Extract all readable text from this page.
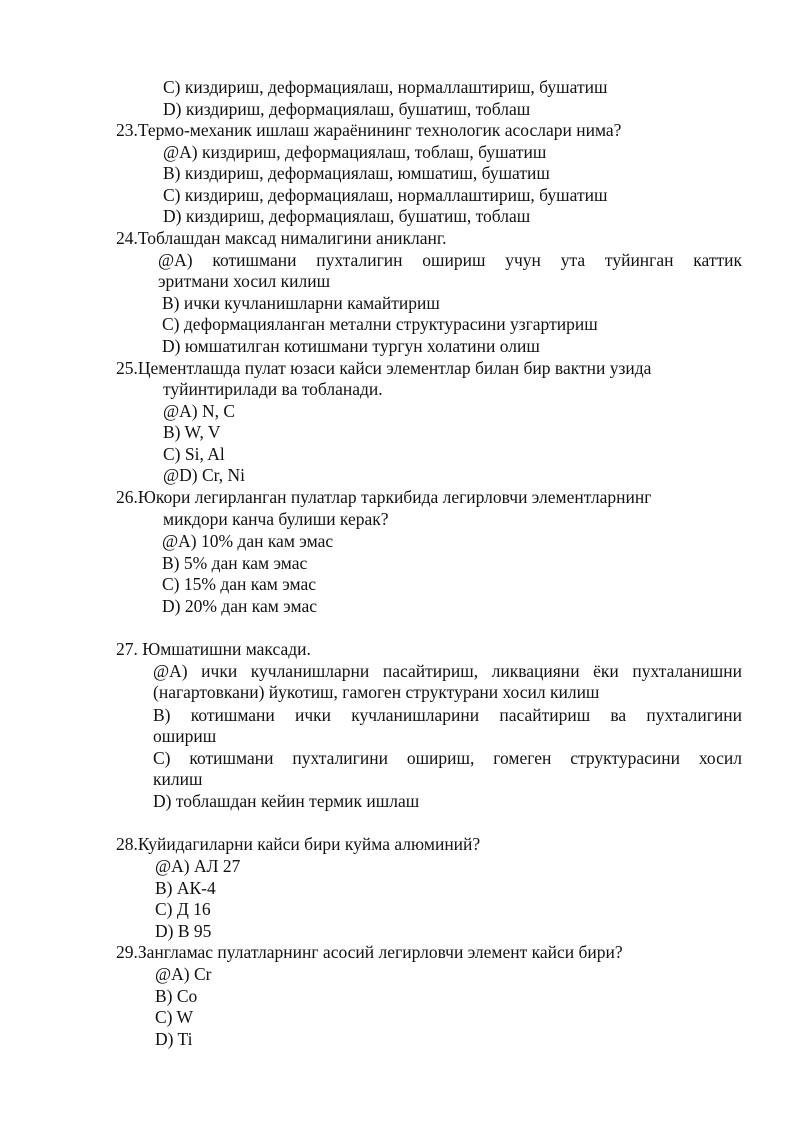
C) киздириш, деформациялаш, нормаллаштириш, бушатиш
D) киздириш, деформациялаш, бушатиш, тоблаш
23.Термо-механик ишлаш жараёнининг технологик асослари нима?
@A) киздириш, деформациялаш, тоблаш, бушатиш
B) киздириш, деформациялаш, юмшатиш, бушатиш
C) киздириш, деформациялаш, нормаллаштириш, бушатиш
D) киздириш, деформациялаш, бушатиш, тоблаш
24.Тоблашдан максад нималигини аникланг.
@A) котишмани пухталигин ошириш учун ута туйинган каттик
эритмани хосил килиш
B) ички кучланишларни камайтириш
C) деформацияланган метални структурасини узгартириш
D) юмшатилган котишмани тургун холатини олиш
25.Цементлашда пулат юзаси кайси элементлар билан бир вактни узида
туйинтирилади ва тобланади.
@A) N, C
B) W, V
C) Si, Al
@D) Cr, Ni
26.Юкори легирланган пулатлар таркибида легирловчи элементларнинг
микдори канча булиши керак?
@A) 10% дан кам эмас
B) 5% дан кам эмас
C) 15% дан кам эмас
D) 20% дан кам эмас
27. Юмшатишни максади.
@A) ички кучланишларни пасайтириш, ликвацияни ёки пухталанишни
(нагартовкани) йукотиш, гамоген структурани хосил килиш
B) котишмани ички кучланишларини пасайтириш ва пухталигини
ошириш
C) котишмани пухталигини ошириш, гомеген структурасини хосил
килиш
D) тоблашдан кейин термик ишлаш
28.Куйидагиларни кайси бири куйма алюминий?
@A) АЛ 27
B) АК-4
C) Д 16
D) В 95
29.Зангламас пулатларнинг асосий легирловчи элемент кайси бири?
@A) Cr
B) Co
C) W
D) Ti
